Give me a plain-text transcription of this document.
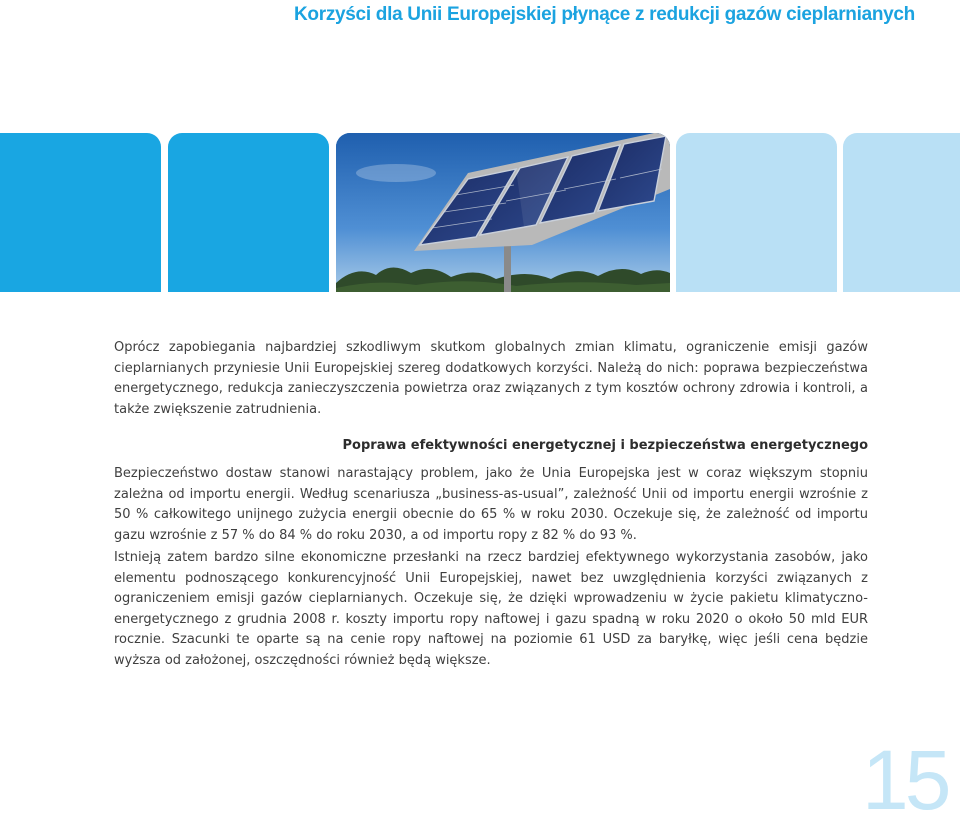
Korzyści dla Unii Europejskiej płynące z redukcji gazów cieplarnianych

Oprócz zapobiegania najbardziej szkodliwym skutkom globalnych zmian klimatu, ograniczenie emisji gazów cieplarnianych przyniesie Unii Europejskiej szereg dodatkowych korzyści. Należą do nich: poprawa bezpieczeństwa energetycznego, redukcja zanieczyszczenia powietrza oraz związanych z tym kosztów ochrony zdrowia i kontroli, a także zwiększenie zatrudnienia.

Poprawa efektywności energetycznej i bezpieczeństwa energetycznego

Bezpieczeństwo dostaw stanowi narastający problem, jako że Unia Europejska jest w coraz większym stopniu zależna od importu energii. Według scenariusza „business-as-usual”, zależność Unii od importu energii wzrośnie z 50 % całkowitego unijnego zużycia energii obecnie do 65 % w roku 2030. Oczekuje się, że zależność od importu gazu wzrośnie z 57 % do 84 % do roku 2030, a od importu ropy z 82 % do 93 %.

Istnieją zatem bardzo silne ekonomiczne przesłanki na rzecz bardziej efektywnego wykorzystania zasobów, jako elementu podnoszącego konkurencyjność Unii Europejskiej, nawet bez uwzględnienia korzyści związanych z ograniczeniem emisji gazów cieplarnianych. Oczekuje się, że dzięki wprowadzeniu w życie pakietu klimatyczno-energetycznego z grudnia 2008 r. koszty importu ropy naftowej i gazu spadną w roku 2020 o około 50 mld EUR rocznie. Szacunki te oparte są na cenie ropy naftowej na poziomie 61 USD za baryłkę, więc jeśli cena będzie wyższa od założonej, oszczędności również będą większe.

15
